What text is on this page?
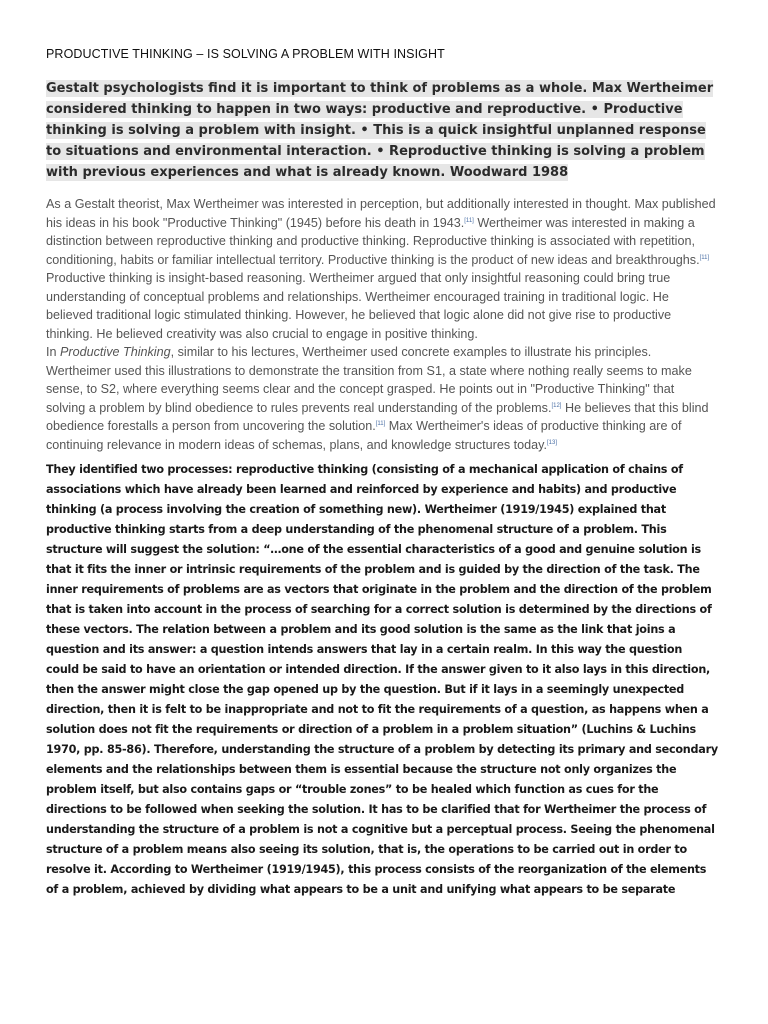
PRODUCTIVE THINKING – IS SOLVING A PROBLEM WITH INSIGHT

Gestalt psychologists find it is important to think of problems as a whole. Max Wertheimer considered thinking to happen in two ways: productive and reproductive. • Productive thinking is solving a problem with insight. • This is a quick insightful unplanned response to situations and environmental interaction. • Reproductive thinking is solving a problem with previous experiences and what is already known. Woodward 1988

As a Gestalt theorist, Max Wertheimer was interested in perception, but additionally interested in thought. Max published his ideas in his book "Productive Thinking" (1945) before his death in 1943.[11] Wertheimer was interested in making a distinction between reproductive thinking and productive thinking. Reproductive thinking is associated with repetition, conditioning, habits or familiar intellectual territory. Productive thinking is the product of new ideas and breakthroughs.[11] Productive thinking is insight-based reasoning. Wertheimer argued that only insightful reasoning could bring true understanding of conceptual problems and relationships. Wertheimer encouraged training in traditional logic. He believed traditional logic stimulated thinking. However, he believed that logic alone did not give rise to productive thinking. He believed creativity was also crucial to engage in positive thinking.
In Productive Thinking, similar to his lectures, Wertheimer used concrete examples to illustrate his principles. Wertheimer used this illustrations to demonstrate the transition from S1, a state where nothing really seems to make sense, to S2, where everything seems clear and the concept grasped. He points out in "Productive Thinking" that solving a problem by blind obedience to rules prevents real understanding of the problems.[12] He believes that this blind obedience forestalls a person from uncovering the solution.[11] Max Wertheimer's ideas of productive thinking are of continuing relevance in modern ideas of schemas, plans, and knowledge structures today.[13]

They identified two processes: reproductive thinking (consisting of a mechanical application of chains of associations which have already been learned and reinforced by experience and habits) and productive thinking (a process involving the creation of something new). Wertheimer (1919/1945) explained that productive thinking starts from a deep understanding of the phenomenal structure of a problem. This structure will suggest the solution: “…one of the essential characteristics of a good and genuine solution is that it fits the inner or intrinsic requirements of the problem and is guided by the direction of the task. The inner requirements of problems are as vectors that originate in the problem and the direction of the problem that is taken into account in the process of searching for a correct solution is determined by the directions of these vectors. The relation between a problem and its good solution is the same as the link that joins a question and its answer: a question intends answers that lay in a certain realm. In this way the question could be said to have an orientation or intended direction. If the answer given to it also lays in this direction, then the answer might close the gap opened up by the question. But if it lays in a seemingly unexpected direction, then it is felt to be inappropriate and not to fit the requirements of a question, as happens when a solution does not fit the requirements or direction of a problem in a problem situation” (Luchins & Luchins 1970, pp. 85-86). Therefore, understanding the structure of a problem by detecting its primary and secondary elements and the relationships between them is essential because the structure not only organizes the problem itself, but also contains gaps or “trouble zones” to be healed which function as cues for the directions to be followed when seeking the solution. It has to be clarified that for Wertheimer the process of understanding the structure of a problem is not a cognitive but a perceptual process. Seeing the phenomenal structure of a problem means also seeing its solution, that is, the operations to be carried out in order to resolve it. According to Wertheimer (1919/1945), this process consists of the reorganization of the elements of a problem, achieved by dividing what appears to be a unit and unifying what appears to be separate
